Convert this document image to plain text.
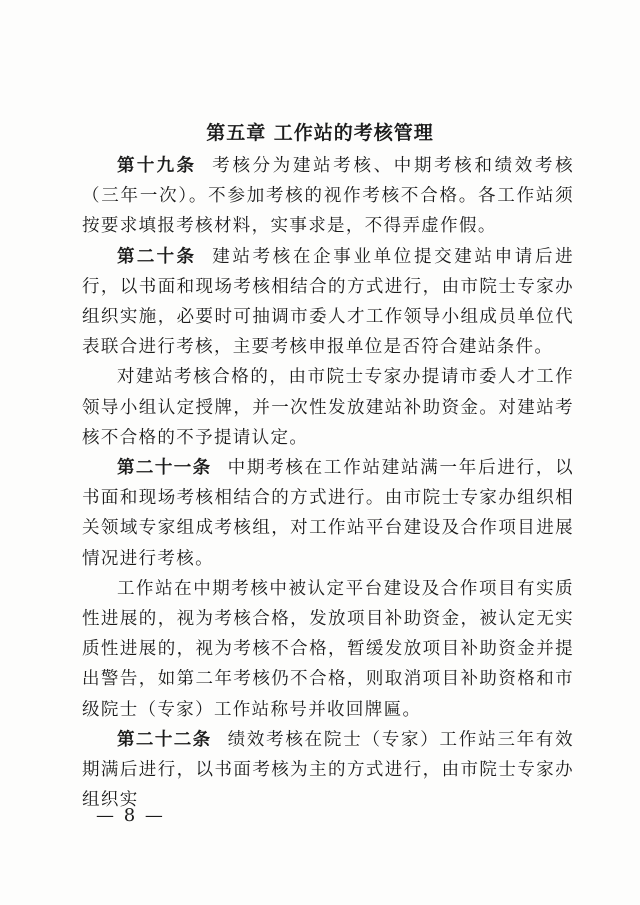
第五章 工作站的考核管理

第十九条 考核分为建站考核、中期考核和绩效考核（三年一次）。不参加考核的视作考核不合格。各工作站须按要求填报考核材料，实事求是，不得弄虚作假。

第二十条 建站考核在企事业单位提交建站申请后进行，以书面和现场考核相结合的方式进行，由市院士专家办组织实施，必要时可抽调市委人才工作领导小组成员单位代表联合进行考核，主要考核申报单位是否符合建站条件。

对建站考核合格的，由市院士专家办提请市委人才工作领导小组认定授牌，并一次性发放建站补助资金。对建站考核不合格的不予提请认定。

第二十一条 中期考核在工作站建站满一年后进行，以书面和现场考核相结合的方式进行。由市院士专家办组织相关领域专家组成考核组，对工作站平台建设及合作项目进展情况进行考核。

工作站在中期考核中被认定平台建设及合作项目有实质性进展的，视为考核合格，发放项目补助资金，被认定无实质性进展的，视为考核不合格，暂缓发放项目补助资金并提出警告，如第二年考核仍不合格，则取消项目补助资格和市级院士（专家）工作站称号并收回牌匾。

第二十二条 绩效考核在院士（专家）工作站三年有效期满后进行，以书面考核为主的方式进行，由市院士专家办组织实

— 8 —
